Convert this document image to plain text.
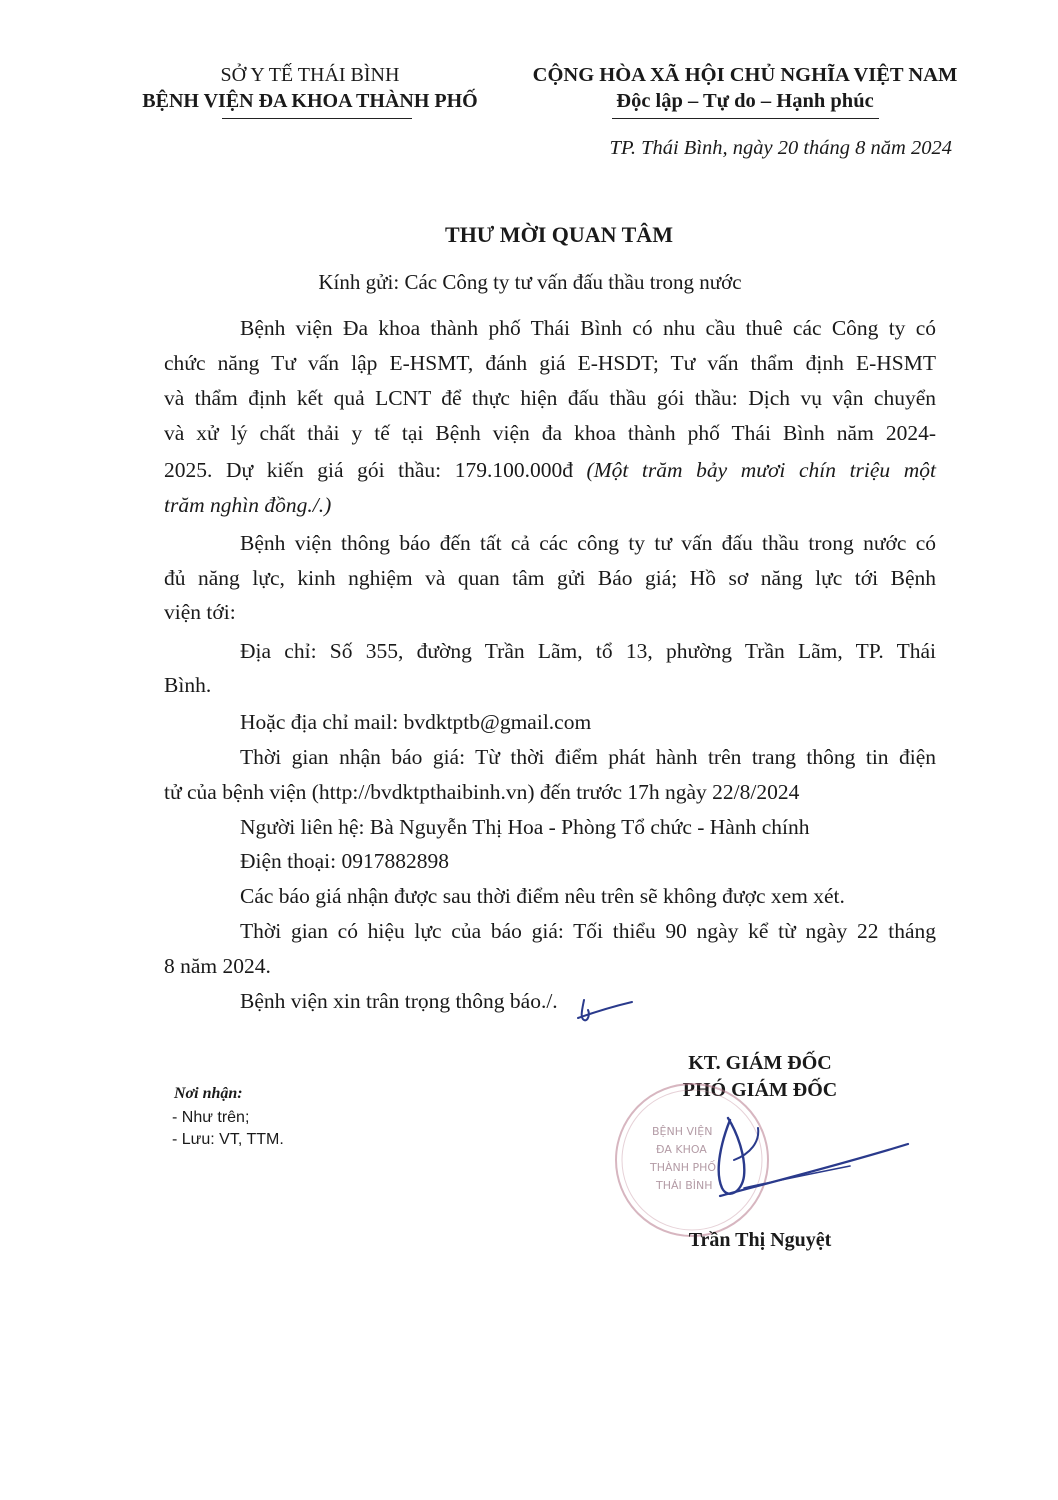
SỞ Y TẾ THÁI BÌNH
BỆNH VIỆN ĐA KHOA THÀNH PHỐ
CỘNG HÒA XÃ HỘI CHỦ NGHĨA VIỆT NAM
Độc lập – Tự do – Hạnh phúc
TP. Thái Bình, ngày 20 tháng 8 năm 2024
THƯ MỜI QUAN TÂM
Kính gửi: Các Công ty tư vấn đấu thầu trong nước
Bệnh viện Đa khoa thành phố Thái Bình có nhu cầu thuê các Công ty có
chức năng Tư vấn lập E-HSMT, đánh giá E-HSDT; Tư vấn thẩm định E-HSMT
và thẩm định kết quả LCNT để thực hiện đấu thầu gói thầu: Dịch vụ vận chuyển
và xử lý chất thải y tế tại Bệnh viện đa khoa thành phố Thái Bình năm 2024-
2025. Dự kiến giá gói thầu: 179.100.000đ (Một trăm bảy mươi chín triệu một
trăm nghìn đồng./.)
Bệnh viện thông báo đến tất cả các công ty tư vấn đấu thầu trong nước có
đủ năng lực, kinh nghiệm và quan tâm gửi Báo giá; Hồ sơ năng lực tới Bệnh
viện tới:
Địa chỉ: Số 355, đường Trần Lãm, tổ 13, phường Trần Lãm, TP. Thái
Bình.
Hoặc địa chỉ mail: bvdktptb@gmail.com
Thời gian nhận báo giá: Từ thời điểm phát hành trên trang thông tin điện
tử của bệnh viện (http://bvdktpthaibinh.vn) đến trước 17h ngày 22/8/2024
Người liên hệ: Bà Nguyễn Thị Hoa - Phòng Tổ chức - Hành chính
Điện thoại: 0917882898
Các báo giá nhận được sau thời điểm nêu trên sẽ không được xem xét.
Thời gian có hiệu lực của báo giá: Tối thiểu 90 ngày kể từ ngày 22 tháng
8 năm 2024.
Bệnh viện xin trân trọng thông báo./.
Nơi nhận:
- Như trên;
- Lưu: VT, TTM.
KT. GIÁM ĐỐC
PHÓ GIÁM ĐỐC
BỆNH VIỆN
ĐA KHOA
THÀNH PHỐ
THÁI BÌNH
Trần Thị Nguyệt
